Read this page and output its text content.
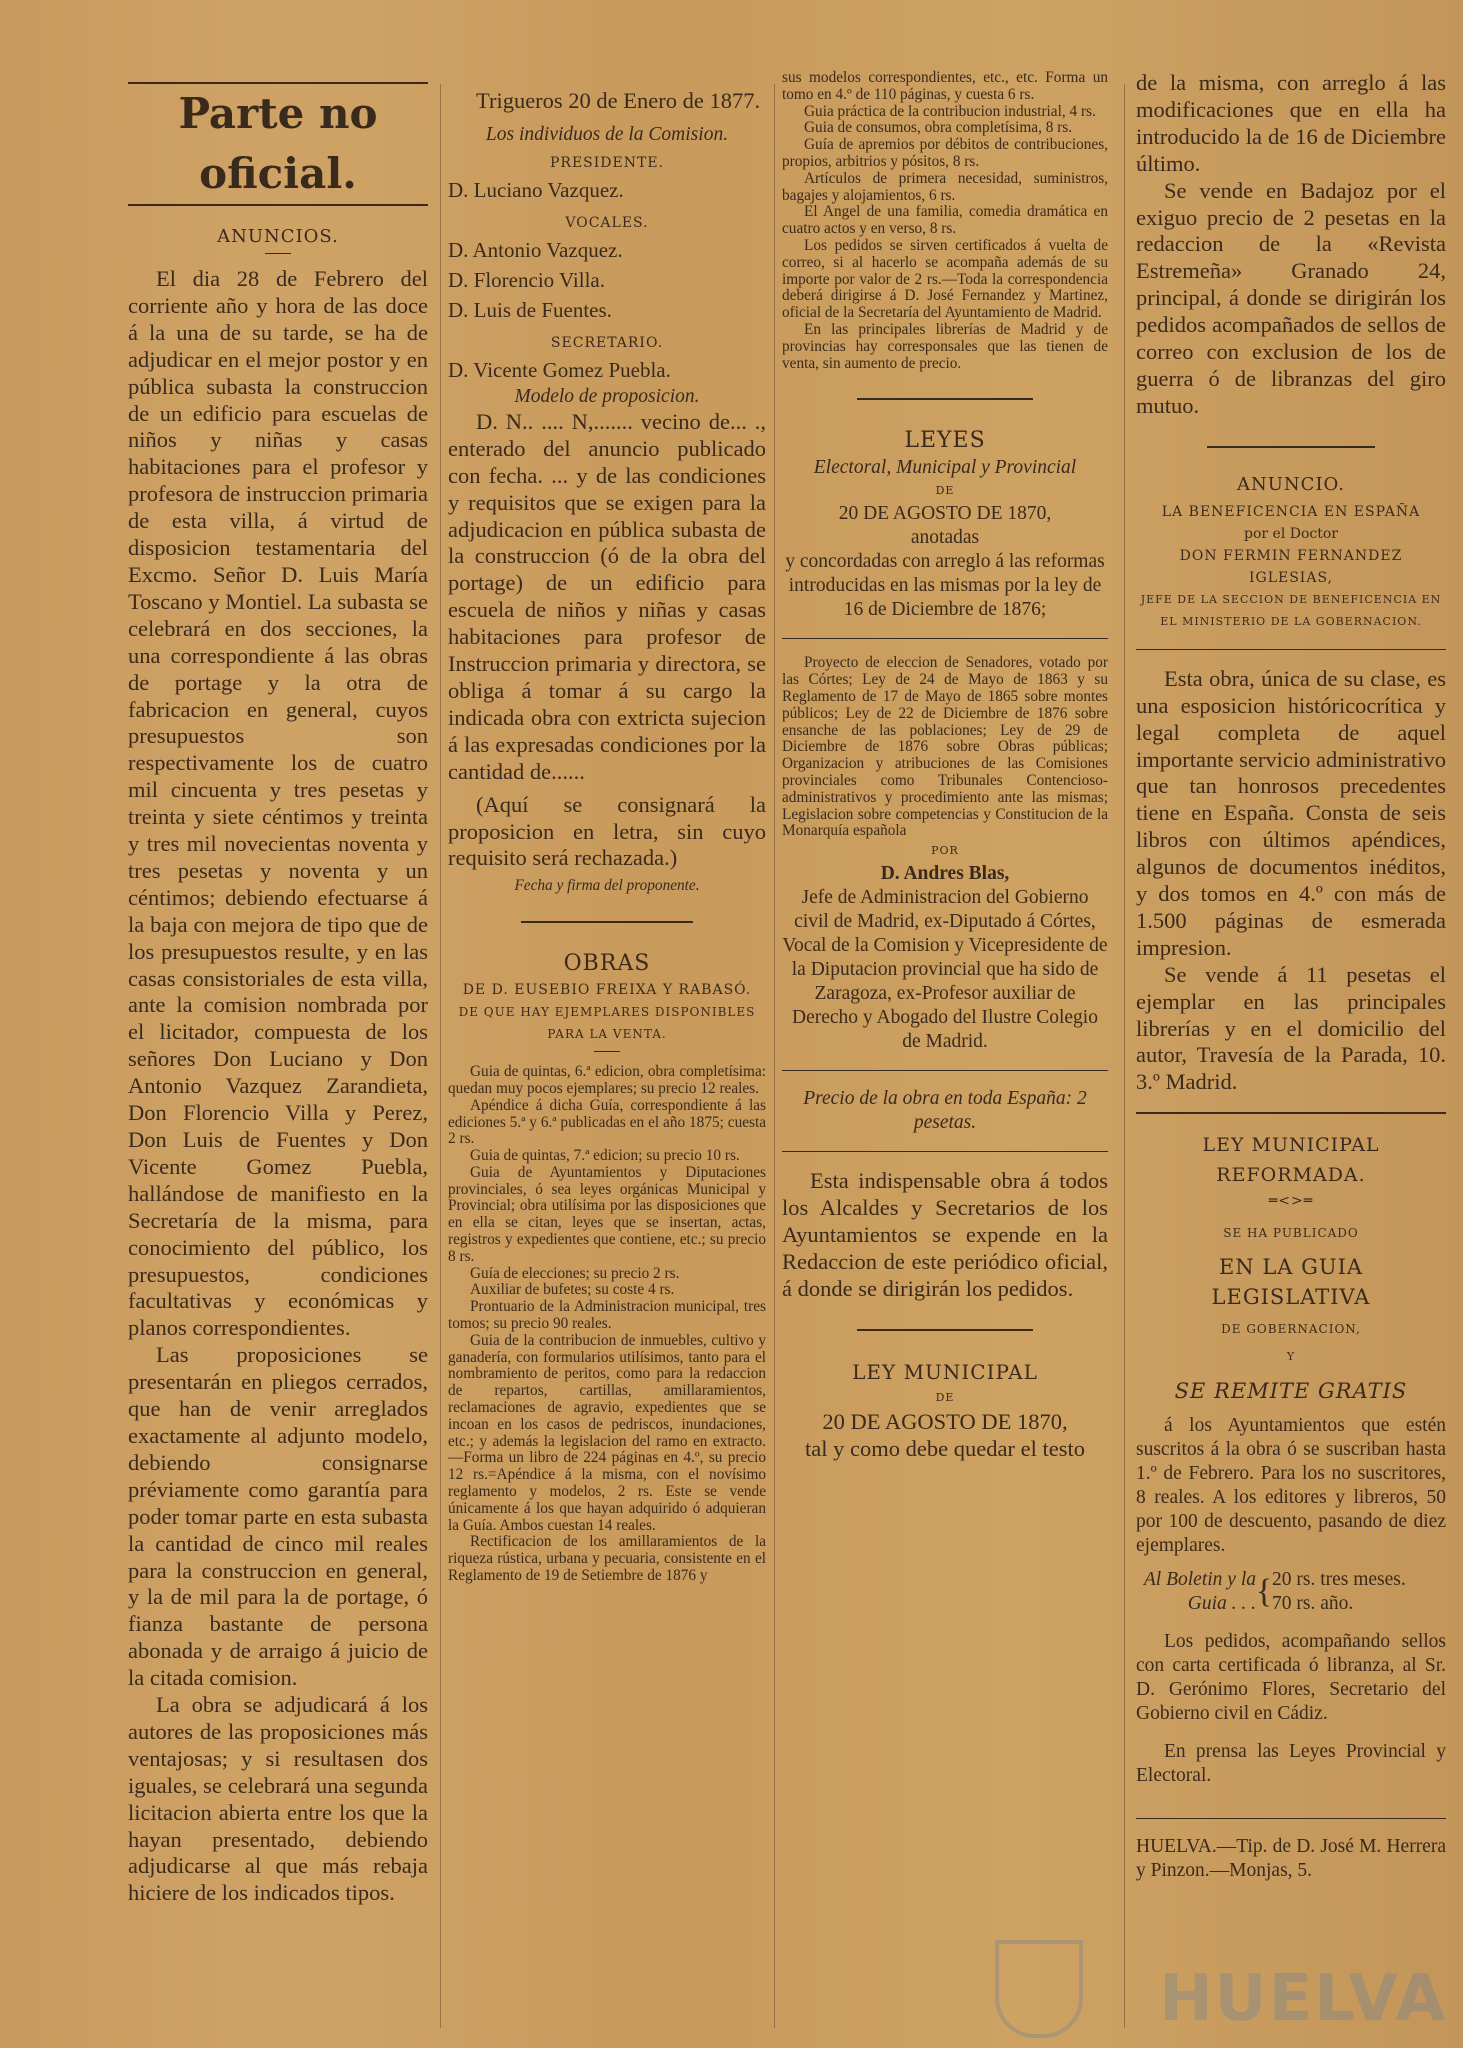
Parte no oficial.
ANUNCIOS.

El dia 28 de Febrero del corriente año y hora de las doce á la una de su tarde, se ha de adjudicar en el mejor postor y en pública subasta la construccion de un edificio para escuelas de niños y niñas y casas habitaciones para el profesor y profesora de instruccion primaria de esta villa, á virtud de disposicion testamentaria del Excmo. Señor D. Luis María Toscano y Montiel. La subasta se celebrará en dos secciones, la una correspondiente á las obras de portage y la otra de fabricacion en general, cuyos presupuestos son respectivamente los de cuatro mil cincuenta y tres pesetas y treinta y siete céntimos y treinta y tres mil novecientas noventa y tres pesetas y noventa y un céntimos; debiendo efectuarse á la baja con mejora de tipo que de los presupuestos resulte, y en las casas consistoriales de esta villa, ante la comision nombrada por el licitador, compuesta de los señores Don Luciano y Don Antonio Vazquez Zarandieta, Don Florencio Villa y Perez, Don Luis de Fuentes y Don Vicente Gomez Puebla, hallándose de manifiesto en la Secretaría de la misma, para conocimiento del público, los presupuestos, condiciones facultativas y económicas y planos correspondientes.

Las proposiciones se presentarán en pliegos cerrados, que han de venir arreglados exactamente al adjunto modelo, debiendo consignarse préviamente como garantía para poder tomar parte en esta subasta la cantidad de cinco mil reales para la construccion en general, y la de mil para la de portage, ó fianza bastante de persona abonada y de arraigo á juicio de la citada comision.

La obra se adjudicará á los autores de las proposiciones más ventajosas; y si resultasen dos iguales, se celebrará una segunda licitacion abierta entre los que la hayan presentado, debiendo adjudicarse al que más rebaja hiciere de los indicados tipos.

Trigueros 20 de Enero de 1877.

Los individuos de la Comision.

PRESIDENTE.
D. Luciano Vazquez.
VOCALES.
D. Antonio Vazquez.
D. Florencio Villa.
D. Luis de Fuentes.
SECRETARIO.
D. Vicente Gomez Puebla.

Modelo de proposicion.

D. N.. .... N,....... vecino de... ., enterado del anuncio publicado con fecha. ... y de las condiciones y requisitos que se exigen para la adjudicacion en pública subasta de la construccion (ó de la obra del portage) de un edificio para escuela de niños y niñas y casas habitaciones para profesor de Instruccion primaria y directora, se obliga á tomar á su cargo la indicada obra con extricta sujecion á las expresadas condiciones por la cantidad de......

(Aquí se consignará la proposicion en letra, sin cuyo requisito será rechazada.)

Fecha y firma del proponente.

OBRAS
DE D. EUSEBIO FREIXA Y RABASÓ.
DE QUE HAY EJEMPLARES DISPONIBLES PARA LA VENTA.

Guia de quintas, 6.ª edicion, obra completísima: quedan muy pocos ejemplares; su precio 12 reales.

Apéndice á dicha Guía, correspondiente á las ediciones 5.ª y 6.ª publicadas en el año 1875; cuesta 2 rs.

Guia de quintas, 7.ª edicion; su precio 10 rs.

Guia de Ayuntamientos y Diputaciones provinciales, ó sea leyes orgánicas Municipal y Provincial; obra utilísima por las disposiciones que en ella se citan, leyes que se insertan, actas, registros y expedientes que contiene, etc.; su precio 8 rs.

Guía de elecciones; su precio 2 rs.

Auxiliar de bufetes; su coste 4 rs.

Prontuario de la Administracion municipal, tres tomos; su precio 90 reales.

Guia de la contribucion de inmuebles, cultivo y ganadería, con formularios utilísimos, tanto para el nombramiento de peritos, como para la redaccion de repartos, cartillas, amillaramientos, reclamaciones de agravio, expedientes que se incoan en los casos de pedriscos, inundaciones, etc.; y además la legislacion del ramo en extracto.—Forma un libro de 224 páginas en 4.º, su precio 12 rs.=Apéndice á la misma, con el novísimo reglamento y modelos, 2 rs. Este se vende únicamente á los que hayan adquirido ó adquieran la Guía. Ambos cuestan 14 reales.

Rectificacion de los amillaramientos de la riqueza rústica, urbana y pecuaria, consistente en el Reglamento de 19 de Setiembre de 1876 y

sus modelos correspondientes, etc., etc. Forma un tomo en 4.º de 110 páginas, y cuesta 6 rs.

Guia práctica de la contribucion industrial, 4 rs.

Guia de consumos, obra completísima, 8 rs.

Guía de apremios por débitos de contribuciones, propios, arbitrios y pósitos, 8 rs.

Artículos de primera necesidad, suministros, bagajes y alojamientos, 6 rs.

El Angel de una familia, comedia dramática en cuatro actos y en verso, 8 rs.

Los pedidos se sirven certificados á vuelta de correo, si al hacerlo se acompaña además de su importe por valor de 2 rs.—Toda la correspondencia deberá dirigirse á D. José Fernandez y Martinez, oficial de la Secretaría del Ayuntamiento de Madrid.

En las principales librerías de Madrid y de provincias hay corresponsales que las tienen de venta, sin aumento de precio.

LEYES

Electoral, Municipal y Provincial

DE

20 DE AGOSTO DE 1870,

anotadas

y concordadas con arreglo á las reformas introducidas en las mismas por la ley de 16 de Diciembre de 1876;

Proyecto de eleccion de Senadores, votado por las Córtes; Ley de 24 de Mayo de 1863 y su Reglamento de 17 de Mayo de 1865 sobre montes públicos; Ley de 22 de Diciembre de 1876 sobre ensanche de las poblaciones; Ley de 29 de Diciembre de 1876 sobre Obras públicas; Organizacion y atribuciones de las Comisiones provinciales como Tribunales Contencioso-administrativos y procedimiento ante las mismas; Legislacion sobre competencias y Constitucion de la Monarquía española

POR

D. Andres Blas,

Jefe de Administracion del Gobierno civil de Madrid, ex-Diputado á Córtes, Vocal de la Comision y Vicepresidente de la Diputacion provincial que ha sido de Zaragoza, ex-Profesor auxiliar de Derecho y Abogado del Ilustre Colegio de Madrid.

Precio de la obra en toda España: 2 pesetas.

Esta indispensable obra á todos los Alcaldes y Secretarios de los Ayuntamientos se expende en la Redaccion de este periódico oficial, á donde se dirigirán los pedidos.

LEY MUNICIPAL
DE

20 DE AGOSTO DE 1870,

tal y como debe quedar el testo

de la misma, con arreglo á las modificaciones que en ella ha introducido la de 16 de Diciembre último.

Se vende en Badajoz por el exiguo precio de 2 pesetas en la redaccion de la «Revista Estremeña» Granado 24, principal, á donde se dirigirán los pedidos acompañados de sellos de correo con exclusion de los de guerra ó de libranzas del giro mutuo.

ANUNCIO.
LA BENEFICENCIA EN ESPAÑA
por el Doctor
DON FERMIN FERNANDEZ IGLESIAS,
JEFE DE LA SECCION DE BENEFICENCIA EN
EL MINISTERIO DE LA GOBERNACION.

Esta obra, única de su clase, es una esposicion históricocrítica y legal completa de aquel importante servicio administrativo que tan honrosos precedentes tiene en España. Consta de seis libros con últimos apéndices, algunos de documentos inéditos, y dos tomos en 4.º con más de 1.500 páginas de esmerada impresion.

Se vende á 11 pesetas el ejemplar en las principales librerías y en el domicilio del autor, Travesía de la Parada, 10. 3.º Madrid.

LEY MUNICIPAL REFORMADA.
═<>═
SE HA PUBLICADO
EN LA GUIA LEGISLATIVA
DE GOBERNACION,
Y
SE REMITE GRATIS

á los Ayuntamientos que estén suscritos á la obra ó se suscriban hasta 1.º de Febrero. Para los no suscritores, 8 reales. A los editores y libreros, 50 por 100 de descuento, pasando de diez ejemplares.

Al Boletin y la
Guia . . . { 20 rs. tres meses.
70 rs. año.

Los pedidos, acompañando sellos con carta certificada ó libranza, al Sr. D. Gerónimo Flores, Secretario del Gobierno civil en Cádiz.

En prensa las Leyes Provincial y Electoral.

HUELVA.—Tip. de D. José M. Herrera y Pinzon.—Monjas, 5.

HUELVA
